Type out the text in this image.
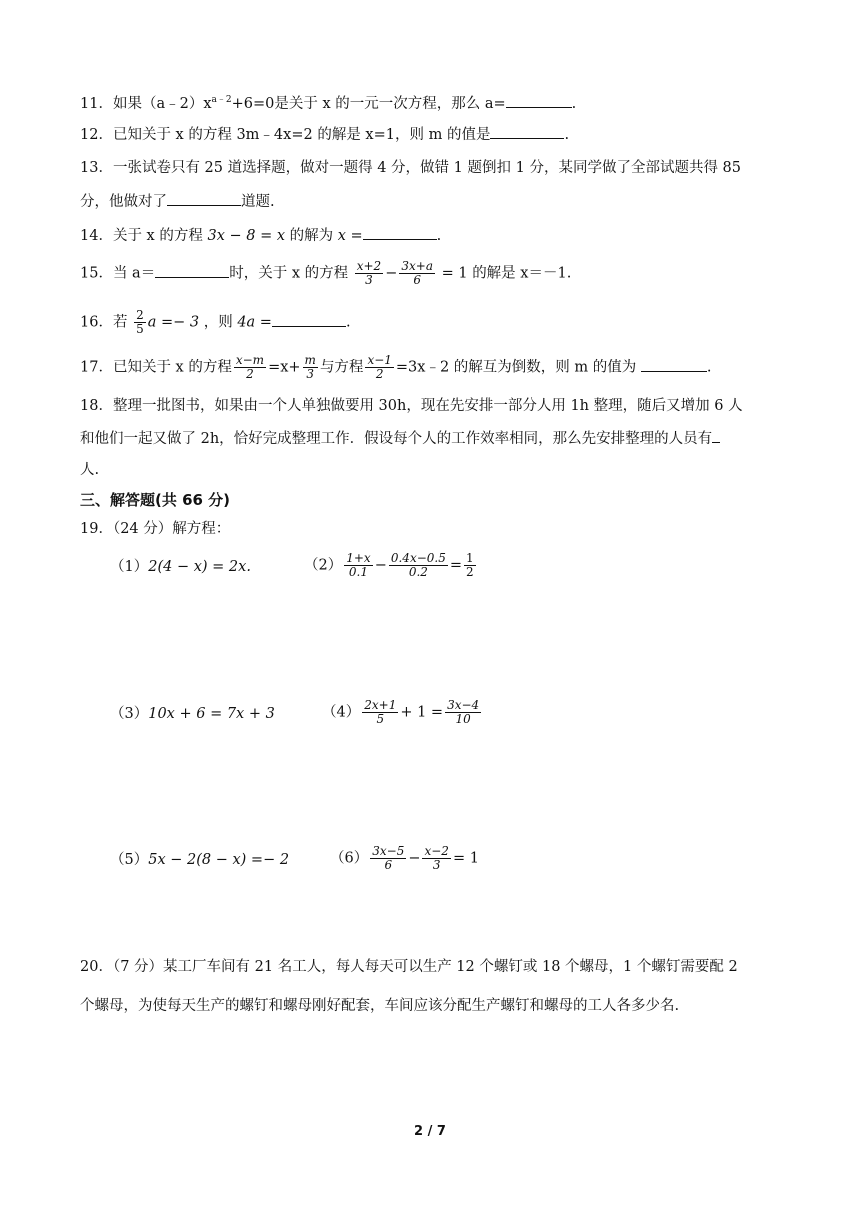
11．如果$(a﹣2)x^{a﹣2}+6=0$是关于 x 的一元一次方程，那么 a=	.
12．已知关于 x 的方程 3m﹣4x=2 的解是 x=1，则 m 的值是	.
13．一张试卷只有 25 道选择题，做对一题得 4 分，做错 1 题倒扣 1 分，某同学做了全部试题共得 85
分，他做对了	道题.
14．关于 x 的方程 3x − 8 = x 的解为 x =	.
15．当 a＝	时，关于 x 的方程 $\frac{x+2}{3} - \frac{3x+a}{6} = 1$ 的解是 x＝－1.
16．若 $\frac{2}{5}$ a =− 3 ，则 4a =	.
17．已知关于 x 的方程 $\frac{x-m}{2} =x+ \frac{m}{3}$ 与方程 $\frac{x-1}{2}$ =3x﹣2 的解互为倒数，则 m 的值为	.
18．整理一批图书，如果由一个人单独做要用 30h，现在先安排一部分人用 1h 整理，随后又增加 6 人
和他们一起又做了 2h，恰好完成整理工作．假设每个人的工作效率相同，那么先安排整理的人员有
人.
三、解答题(共 66 分)
19．（24 分）解方程：
（1）2(4 − x) = 2x.	$(2) \frac{1+x}{0.1} - \frac{0.4x-0.5}{0.2} = \frac{1}{2}$
（3）10x + 6 = 7x + 3	$(4) \frac{2x+1}{5} + 1 = \frac{3x-4}{10}$
（5）5x − 2(8 − x) =− 2	$(6) \frac{3x-5}{6} - \frac{x-2}{3} = 1$
20．（7 分）某工厂车间有 21 名工人，每人每天可以生产 12 个螺钉或 18 个螺母，1 个螺钉需要配 2
个螺母，为使每天生产的螺钉和螺母刚好配套，车间应该分配生产螺钉和螺母的工人各多少名.
2 / 7
